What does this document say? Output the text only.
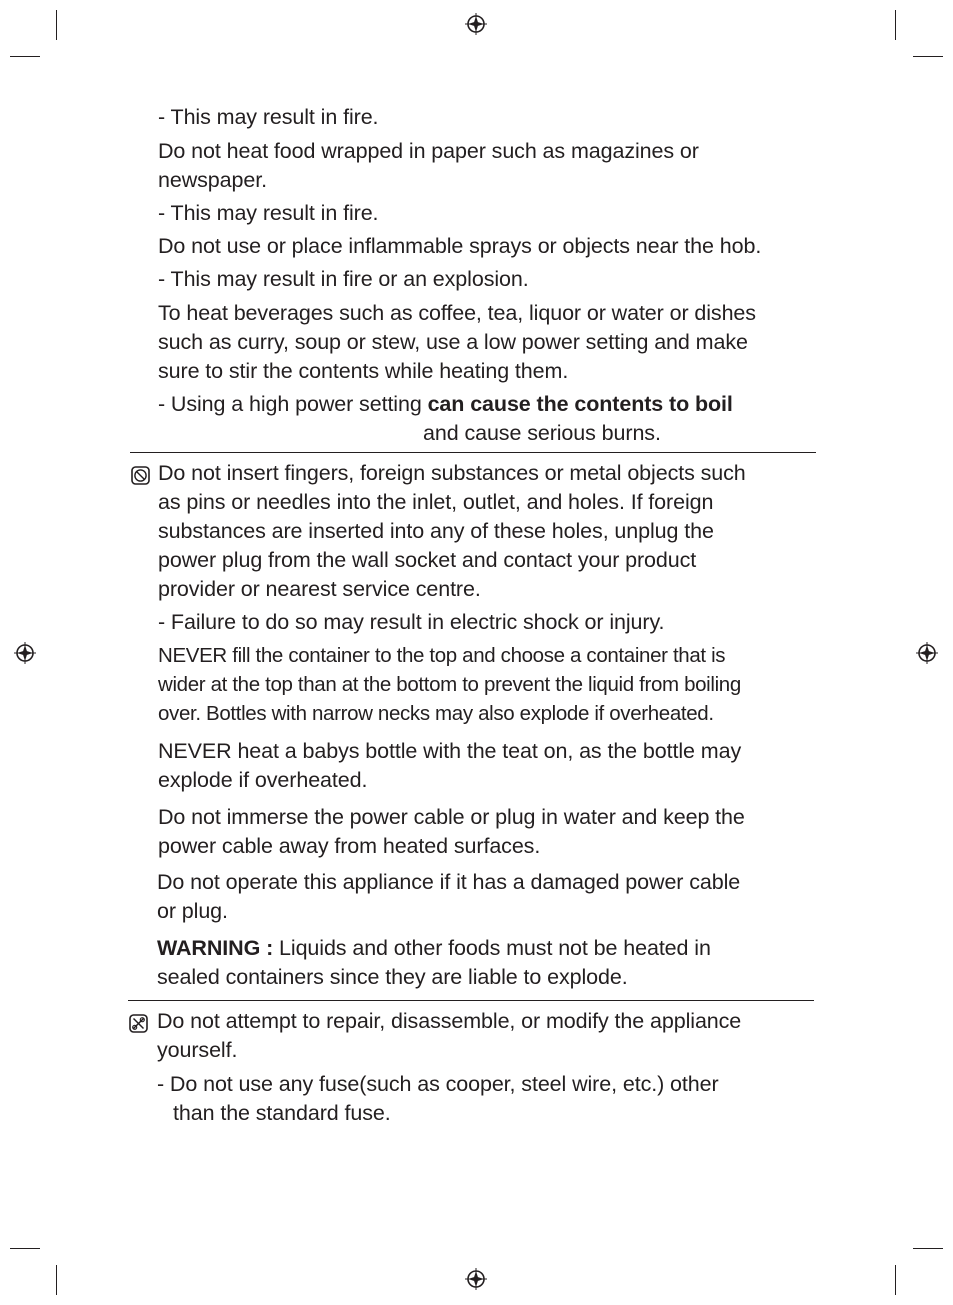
- This may result in fire.
Do not heat food wrapped in paper such as magazines or
newspaper.
- This may result in fire.
Do not use or place inflammable sprays or objects near the hob.
- This may result in fire or an explosion.
To heat beverages such as coffee, tea, liquor or water or dishes
such as curry, soup or stew, use a low power setting and make
sure to stir the contents while heating them.
- Using a high power setting can cause the contents to boil
and cause serious burns.
Do not insert fingers, foreign substances or metal objects such
as pins or needles into the inlet, outlet, and holes. If foreign
substances are inserted into any of these holes, unplug the
power plug from the wall socket and contact your product
provider or nearest service centre.
- Failure to do so may result in electric shock or injury.
NEVER fill the container to the top and choose a container that is
wider at the top than at the bottom to prevent the liquid from boiling
over. Bottles with narrow necks may also explode if overheated.
NEVER heat a babys bottle with the teat on, as the bottle may
explode if overheated.
Do not immerse the power cable or plug in water and keep the
power cable away from heated surfaces.
Do not operate this appliance if it has a damaged power cable
or plug.
WARNING : Liquids and other foods must not be heated in
sealed containers since they are liable to explode.
Do not attempt to repair, disassemble, or modify the appliance
yourself.
- Do not use any fuse(such as cooper, steel wire, etc.) other
than the standard fuse.
